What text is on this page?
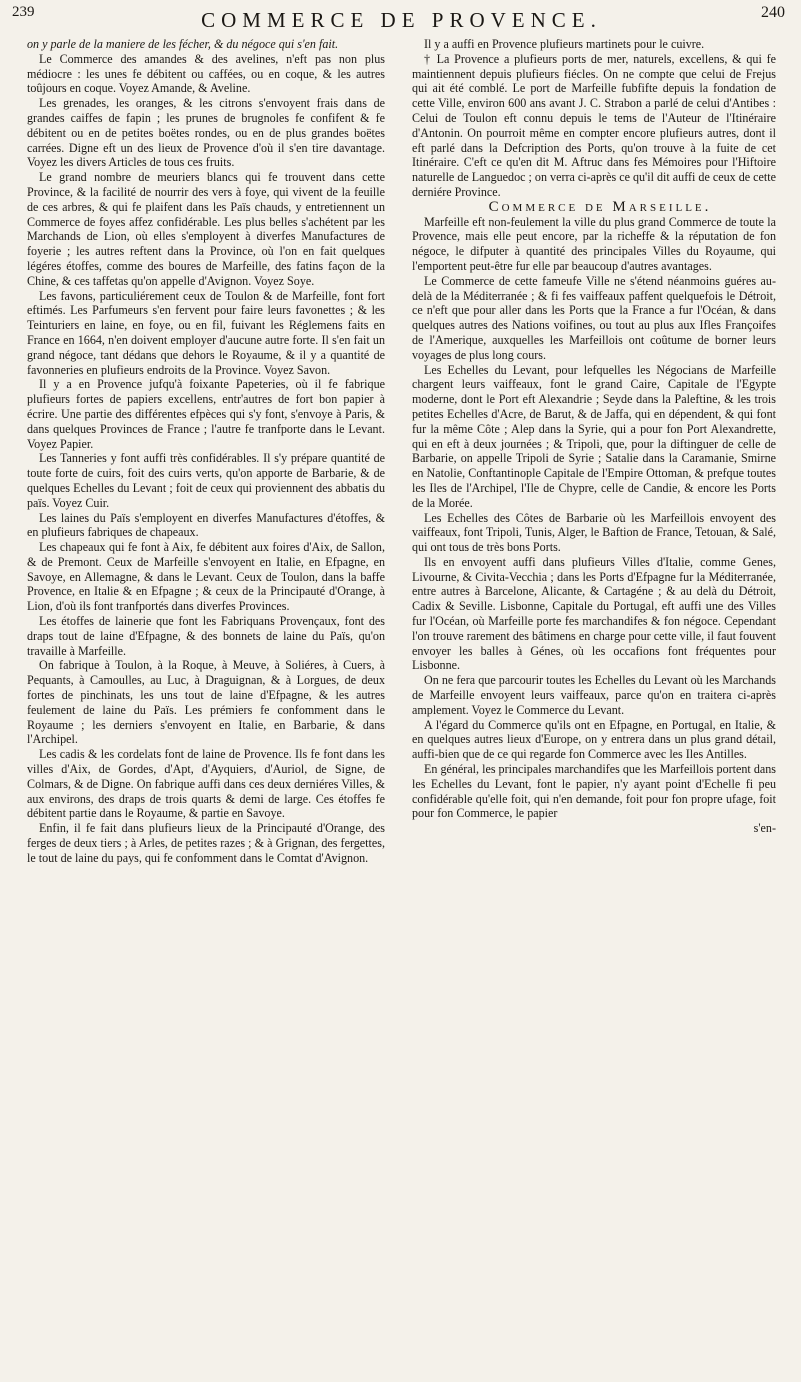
239	COMMERCE DE PROVENCE.	240

on y parle de la maniere de les fécher, & du négoce qui s'en fait.

Le Commerce des amandes & des avelines, n'eft pas non plus médiocre : les unes fe débitent ou caffées, ou en coque, & les autres toûjours en coque. Voyez Amande, & Aveline.

Les grenades, les oranges, & les citrons s'envoyent frais dans de grandes caiffes de fapin ; les prunes de brugnoles fe confifent & fe débitent ou en de petites boëtes rondes, ou en de plus grandes boëtes carrées. Digne eft un des lieux de Provence d'où il s'en tire davantage. Voyez les divers Articles de tous ces fruits.

Le grand nombre de meuriers blancs qui fe trouvent dans cette Province, & la facilité de nourrir des vers à foye, qui vivent de la feuille de ces arbres, & qui fe plaifent dans les Païs chauds, y entretiennent un Commerce de foyes affez confidérable. Les plus belles s'achétent par les Marchands de Lion, où elles s'employent à diverfes Manufactures de foyerie ; les autres reftent dans la Province, où l'on en fait quelques légéres étoffes, comme des boures de Marfeille, des fatins façon de la Chine, & ces taffetas qu'on appelle d'Avignon. Voyez Soye.

Les favons, particuliérement ceux de Toulon & de Marfeille, font fort eftimés. Les Parfumeurs s'en fervent pour faire leurs favonettes ; & les Teinturiers en laine, en foye, ou en fil, fuivant les Réglemens faits en France en 1664, n'en doivent employer d'aucune autre forte. Il s'en fait un grand négoce, tant dédans que dehors le Royaume, & il y a quantité de favonneries en plufieurs endroits de la Province. Voyez Savon.

Il y a en Provence jufqu'à foixante Papeteries, où il fe fabrique plufieurs fortes de papiers excellens, entr'autres de fort bon papier à écrire. Une partie des différentes efpèces qui s'y font, s'envoye à Paris, & dans quelques Provinces de France ; l'autre fe tranfporte dans le Levant. Voyez Papier.

Les Tanneries y font auffi très confidérables. Il s'y prépare quantité de toute forte de cuirs, foit des cuirs verts, qu'on apporte de Barbarie, & de quelques Echelles du Levant ; foit de ceux qui proviennent des abbatis du païs. Voyez Cuir.

Les laines du Païs s'employent en diverfes Manufactures d'étoffes, & en plufieurs fabriques de chapeaux.

Les chapeaux qui fe font à Aix, fe débitent aux foires d'Aix, de Sallon, & de Premont. Ceux de Marfeille s'envoyent en Italie, en Efpagne, en Savoye, en Allemagne, & dans le Levant. Ceux de Toulon, dans la baffe Provence, en Italie & en Efpagne ; & ceux de la Principauté d'Orange, à Lion, d'où ils font tranfportés dans diverfes Provinces.

Les étoffes de lainerie que font les Fabriquans Provençaux, font des draps tout de laine d'Efpagne, & des bonnets de laine du Païs, qu'on travaille à Marfeille.

On fabrique à Toulon, à la Roque, à Meuve, à Soliéres, à Cuers, à Pequants, à Camoulles, au Luc, à Draguignan, & à Lorgues, de deux fortes de pinchinats, les uns tout de laine d'Efpagne, & les autres feulement de laine du Païs. Les prémiers fe confomment dans le Royaume ; les derniers s'envoyent en Italie, en Barbarie, & dans l'Archipel.

Les cadis & les cordelats font de laine de Provence. Ils fe font dans les villes d'Aix, de Gordes, d'Apt, d'Ayquiers, d'Auriol, de Signe, de Colmars, & de Digne. On fabrique auffi dans ces deux derniéres Villes, & aux environs, des draps de trois quarts & demi de large. Ces étoffes fe débitent partie dans le Royaume, & partie en Savoye.

Enfin, il fe fait dans plufieurs lieux de la Principauté d'Orange, des ferges de deux tiers ; à Arles, de petites razes ; & à Grignan, des fergettes, le tout de laine du pays, qui fe confomment dans le Comtat d'Avignon.

Il y a auffi en Provence plufieurs martinets pour le cuivre.

† La Provence a plufieurs ports de mer, naturels, excellens, & qui fe maintiennent depuis plufieurs fiécles. On ne compte que celui de Frejus qui ait été comblé. Le port de Marfeille fubfifte depuis la fondation de cette Ville, environ 600 ans avant J. C. Strabon a parlé de celui d'Antibes : Celui de Toulon eft connu depuis le tems de l'Auteur de l'Itinéraire d'Antonin. On pourroit même en compter encore plufieurs autres, dont il eft parlé dans la Defcription des Ports, qu'on trouve à la fuite de cet Itinéraire. C'eft ce qu'en dit M. Aftruc dans fes Mémoires pour l'Hiftoire naturelle de Languedoc ; on verra ci-après ce qu'il dit auffi de ceux de cette derniére Province.

Commerce de Marseille.

Marfeille eft non-feulement la ville du plus grand Commerce de toute la Provence, mais elle peut encore, par la richeffe & la réputation de fon négoce, le difputer à quantité des principales Villes du Royaume, qui l'emportent peut-être fur elle par beaucoup d'autres avantages.

Le Commerce de cette fameufe Ville ne s'étend néanmoins guéres au-delà de la Méditerranée ; & fi fes vaiffeaux paffent quelquefois le Détroit, ce n'eft que pour aller dans les Ports que la France a fur l'Océan, & dans quelques autres des Nations voifines, ou tout au plus aux Ifles Françoifes de l'Amerique, auxquelles les Marfeillois ont coûtume de borner leurs voyages de plus long cours.

Les Echelles du Levant, pour lefquelles les Négocians de Marfeille chargent leurs vaiffeaux, font le grand Caire, Capitale de l'Egypte moderne, dont le Port eft Alexandrie ; Seyde dans la Paleftine, & les trois petites Echelles d'Acre, de Barut, & de Jaffa, qui en dépendent, & qui font fur la même Côte ; Alep dans la Syrie, qui a pour fon Port Alexandrette, qui en eft à deux journées ; & Tripoli, que, pour la diftinguer de celle de Barbarie, on appelle Tripoli de Syrie ; Satalie dans la Caramanie, Smirne en Natolie, Conftantinople Capitale de l'Empire Ottoman, & prefque toutes les Iles de l'Archipel, l'Ile de Chypre, celle de Candie, & encore les Ports de la Morée.

Les Echelles des Côtes de Barbarie où les Marfeillois envoyent des vaiffeaux, font Tripoli, Tunis, Alger, le Baftion de France, Tetouan, & Salé, qui ont tous de très bons Ports.

Ils en envoyent auffi dans plufieurs Villes d'Italie, comme Genes, Livourne, & Civita-Vecchia ; dans les Ports d'Efpagne fur la Méditerranée, entre autres à Barcelone, Alicante, & Cartagéne ; & au delà du Détroit, Cadix & Seville. Lisbonne, Capitale du Portugal, eft auffi une des Villes fur l'Océan, où Marfeille porte fes marchandifes & fon négoce. Cependant l'on trouve rarement des bâtimens en charge pour cette ville, il faut fouvent envoyer les balles à Génes, où les occafions font fréquentes pour Lisbonne.

On ne fera que parcourir toutes les Echelles du Levant où les Marchands de Marfeille envoyent leurs vaiffeaux, parce qu'on en traitera ci-après amplement. Voyez le Commerce du Levant.

A l'égard du Commerce qu'ils ont en Efpagne, en Portugal, en Italie, & en quelques autres lieux d'Europe, on y entrera dans un plus grand détail, auffi-bien que de ce qui regarde fon Commerce avec les Iles Antilles.

En général, les principales marchandifes que les Marfeillois portent dans les Echelles du Levant, font le papier, n'y ayant point d'Echelle fi peu confidérable qu'elle foit, qui n'en demande, foit pour fon propre ufage, foit pour fon Commerce, le papier

s'en-
